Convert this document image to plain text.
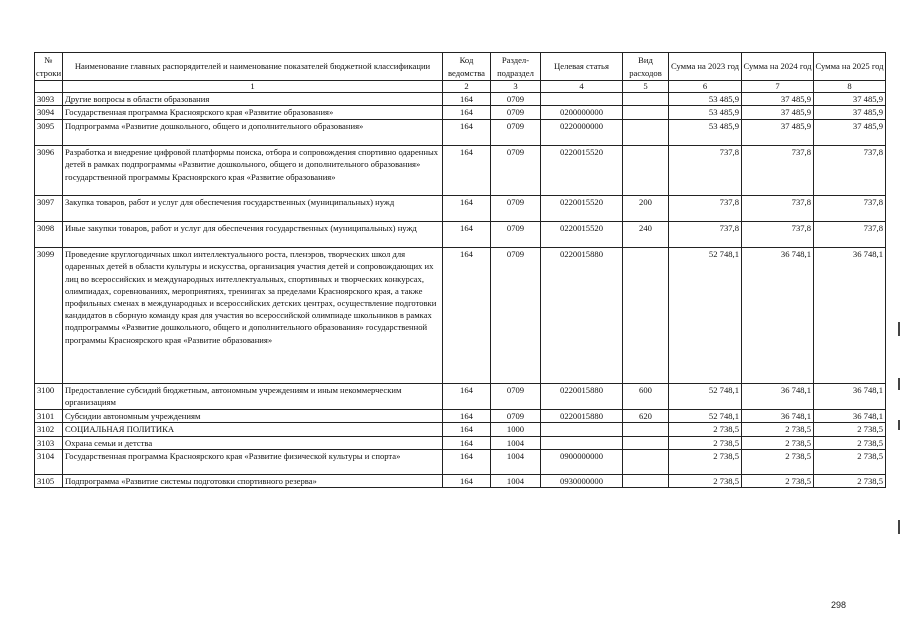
№ строки	Наименование главных распорядителей и наименование показателей бюджетной классификации	Код ведомства	Раздел-подраздел	Целевая статья	Вид расходов	Сумма на 2023 год	Сумма на 2024 год	Сумма на 2025 год
	1	2	3	4	5	6	7	8
3093	Другие вопросы в области образования	164	0709			53 485,9	37 485,9	37 485,9
3094	Государственная программа Красноярского края «Развитие образования»	164	0709	0200000000		53 485,9	37 485,9	37 485,9
3095	Подпрограмма «Развитие дошкольного, общего и дополнительного образования»	164	0709	0220000000		53 485,9	37 485,9	37 485,9
3096	Разработка и внедрение цифровой платформы поиска, отбора и сопровождения спортивно одаренных детей в рамках подпрограммы «Развитие дошкольного, общего и дополнительного образования» государственной программы Красноярского края «Развитие образования»	164	0709	0220015520		737,8	737,8	737,8
3097	Закупка товаров, работ и услуг для обеспечения государственных (муниципальных) нужд	164	0709	0220015520	200	737,8	737,8	737,8
3098	Иные закупки товаров, работ и услуг для обеспечения государственных (муниципальных) нужд	164	0709	0220015520	240	737,8	737,8	737,8
3099	Проведение круглогодичных школ интеллектуального роста, пленэров, творческих школ для одаренных детей в области культуры и искусства, организация участия детей и сопровождающих их лиц во всероссийских и международных интеллектуальных, спортивных и творческих конкурсах, олимпиадах, соревнованиях, мероприятиях, тренингах за пределами Красноярского края, а также профильных сменах в международных и всероссийских детских центрах, осуществление подготовки кандидатов в сборную команду края для участия во всероссийской олимпиаде школьников в рамках подпрограммы «Развитие дошкольного, общего и дополнительного образования» государственной программы Красноярского края «Развитие образования»	164	0709	0220015880		52 748,1	36 748,1	36 748,1
3100	Предоставление субсидий бюджетным, автономным учреждениям и иным некоммерческим организациям	164	0709	0220015880	600	52 748,1	36 748,1	36 748,1
3101	Субсидии автономным учреждениям	164	0709	0220015880	620	52 748,1	36 748,1	36 748,1
3102	СОЦИАЛЬНАЯ ПОЛИТИКА	164	1000			2 738,5	2 738,5	2 738,5
3103	Охрана семьи и детства	164	1004			2 738,5	2 738,5	2 738,5
3104	Государственная программа Красноярского края «Развитие физической культуры и спорта»	164	1004	0900000000		2 738,5	2 738,5	2 738,5
3105	Подпрограмма «Развитие системы подготовки спортивного резерва»	164	1004	0930000000		2 738,5	2 738,5	2 738,5
298
